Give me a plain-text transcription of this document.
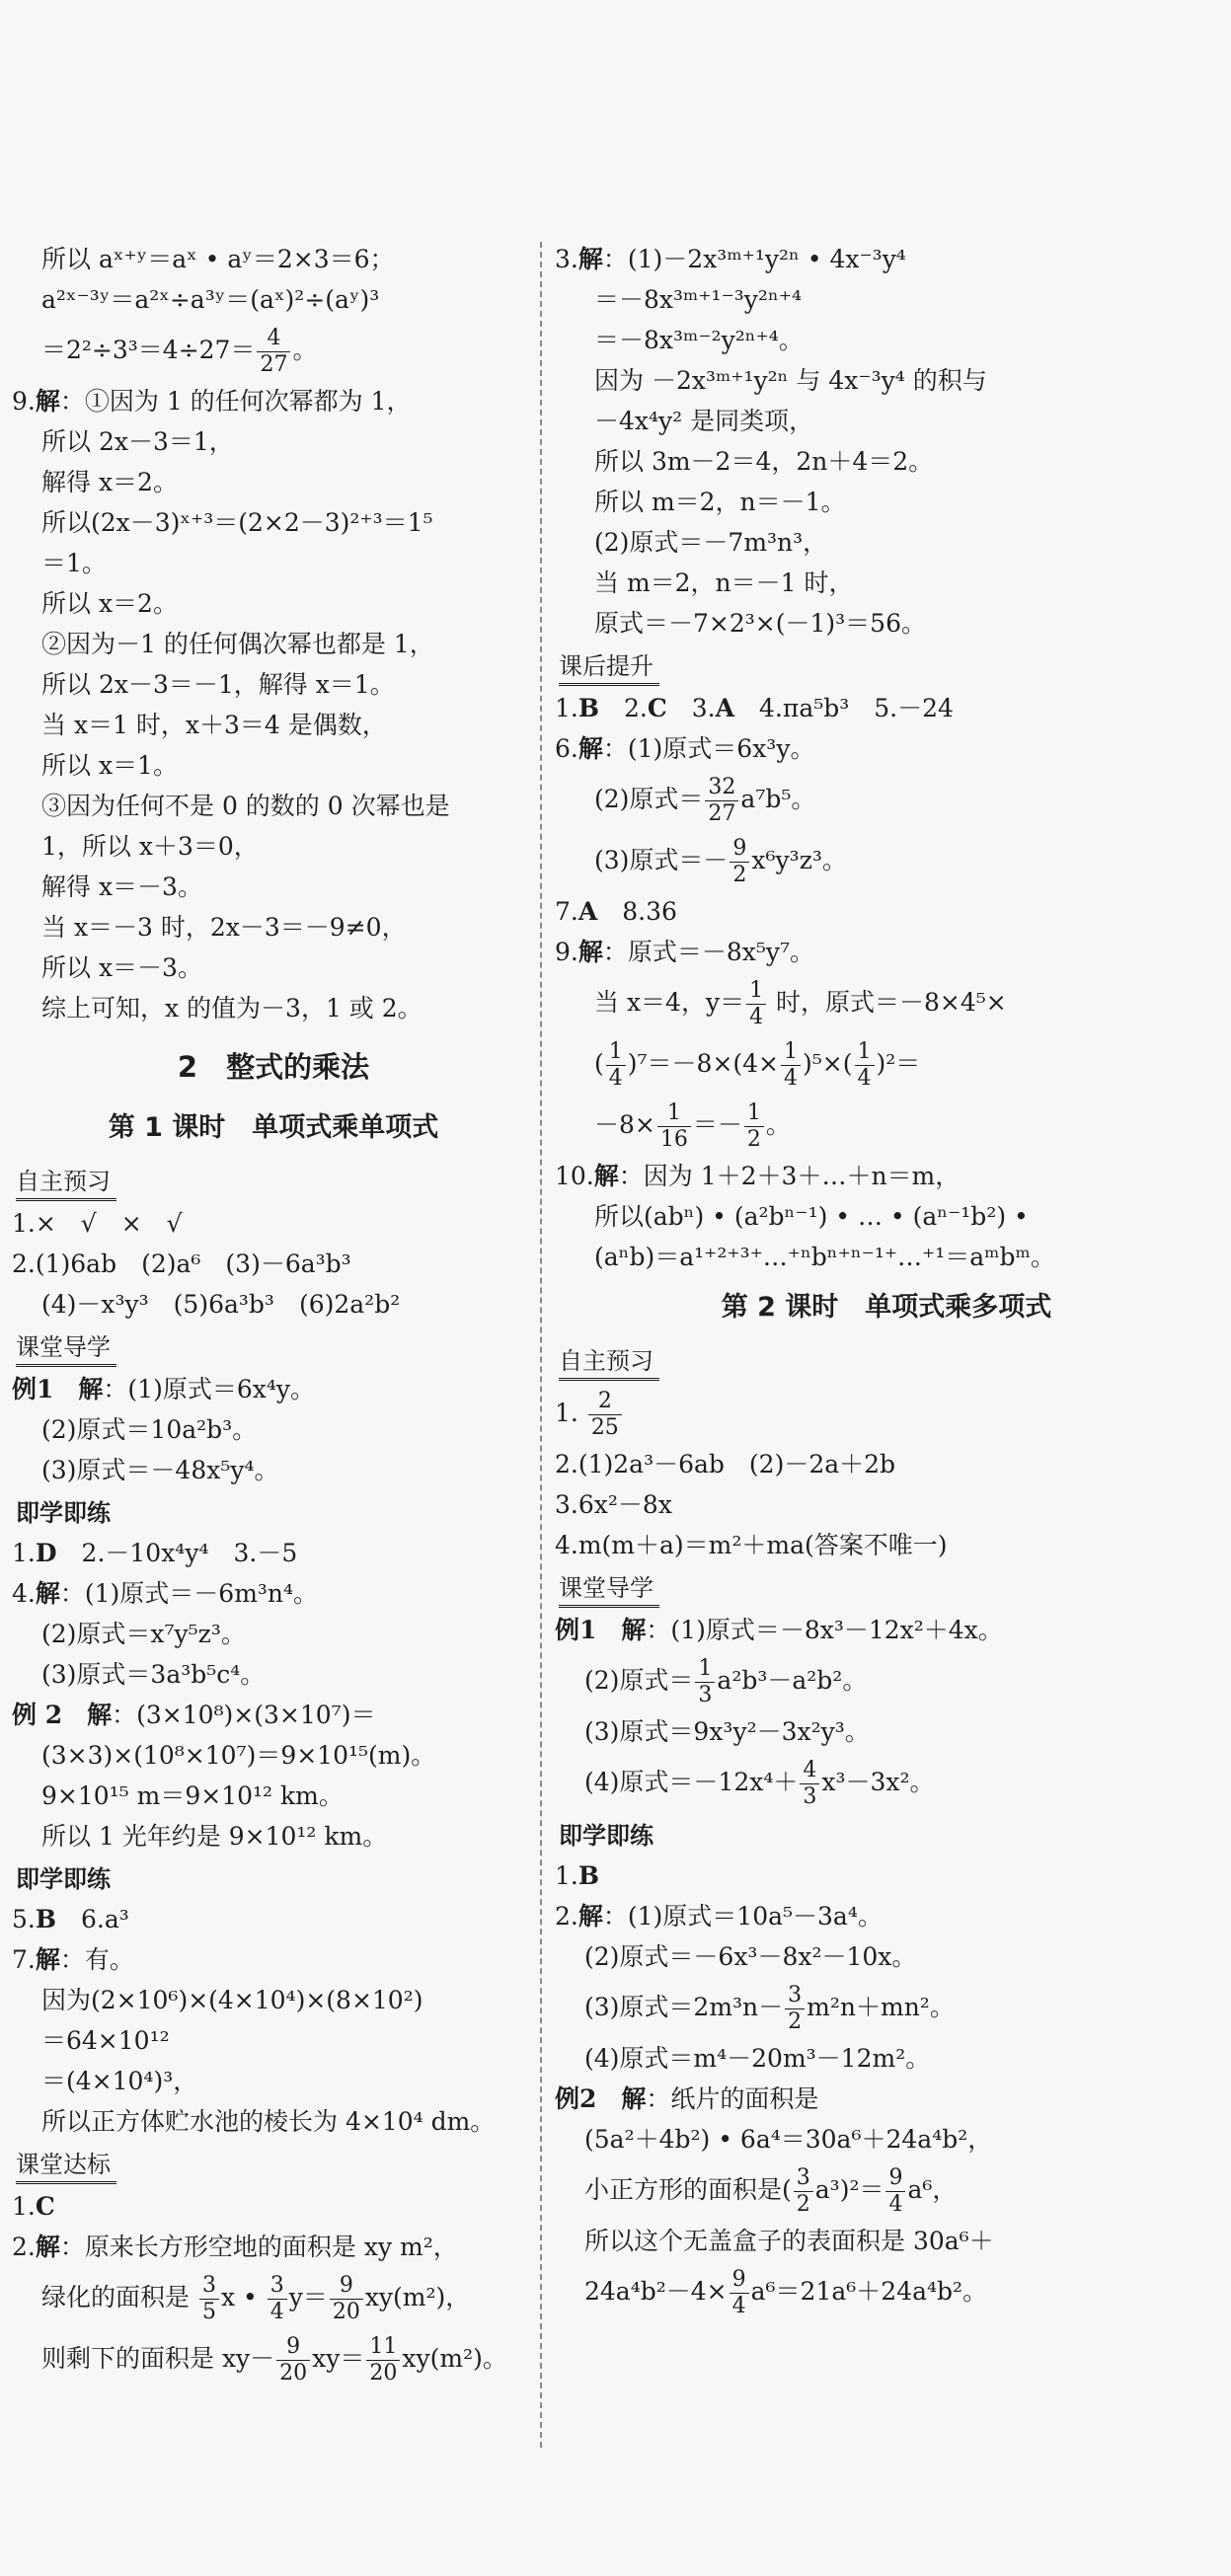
所以 aˣ⁺ʸ＝aˣ • aʸ＝2×3＝6；
a²ˣ⁻³ʸ＝a²ˣ÷a³ʸ＝(aˣ)²÷(aʸ)³
$=2^2\div 3^3=4\div 27= \frac{4}{27}$ 。
9.解：①因为 1 的任何次幂都为 1，
所以 2x－3＝1，
解得 x＝2。
所以(2x－3)ˣ⁺³＝(2×2－3)²⁺³＝1⁵
＝1。
所以 x＝2。
②因为－1 的任何偶次幂也都是 1，
所以 2x－3＝－1，解得 x＝1。
当 x＝1 时，x＋3＝4 是偶数，
所以 x＝1。
③因为任何不是 0 的数的 0 次幂也是
1，所以 x＋3＝0，
解得 x＝－3。
当 x＝－3 时，2x－3＝－9≠0，
所以 x＝－3。
综上可知，x 的值为－3，1 或 2。
2　整式的乘法
第 1 课时　单项式乘单项式
自主预习
1.×　√　×　√
2.(1)6ab　(2)a⁶　(3)－6a³b³
(4)－x³y³　(5)6a³b³　(6)2a²b²
课堂导学
例1　解：(1)原式＝6x⁴y。
(2)原式＝10a²b³。
(3)原式＝－48x⁵y⁴。
即学即练
1.D　2.－10x⁴y⁴　3.－5
4.解：(1)原式＝－6m³n⁴。
(2)原式＝x⁷y⁵z³。
(3)原式＝3a³b⁵c⁴。
例 2　解：(3×10⁸)×(3×10⁷)＝
(3×3)×(10⁸×10⁷)＝9×10¹⁵(m)。
9×10¹⁵ m＝9×10¹² km。
所以 1 光年约是 9×10¹² km。
即学即练
5.B　6.a³
7.解：有。
因为(2×10⁶)×(4×10⁴)×(8×10²)
＝64×10¹²
＝(4×10⁴)³，
所以正方体贮水池的棱长为 4×10⁴ dm。
课堂达标
1.C
2.解：原来长方形空地的面积是 xy m²，
绿化的面积是 $\frac{3}{5}$ x • $\frac{3}{4} y= \frac{9}{20} xy(m^2)$，
则剩下的面积是 $xy- \frac{9}{20} xy= \frac{11}{20} xy(m^2)$。
3.解：(1)－2x³ᵐ⁺¹y²ⁿ • 4x⁻³y⁴
＝－8x³ᵐ⁺¹⁻³y²ⁿ⁺⁴
＝－8x³ᵐ⁻²y²ⁿ⁺⁴。
因为 －2x³ᵐ⁺¹y²ⁿ 与 4x⁻³y⁴ 的积与
－4x⁴y² 是同类项，
所以 3m－2＝4，2n＋4＝2。
所以 m＝2，n＝－1。
(2)原式＝－7m³n³，
当 m＝2，n＝－1 时，
原式＝－7×2³×(－1)³＝56。
课后提升
1.B　2.C　3.A　4.πa⁵b³　5.－24
6.解：(1)原式＝6x³y。
(2)原式＝ $\frac{32}{27} a^7b^5$。
(3)原式＝－ $\frac{9}{2} x^6y^3z^3$。
7.A　8.36
9.解：原式＝－8x⁵y⁷。
当 x＝4，$y= \frac{1}{4}$ 时，原式＝－8×4⁵×
( $\frac{1}{4} )^7=-8\times(4\times \frac{1}{4} )^5\times( \frac{1}{4} )^2=$
$-8\times \frac{1}{16} =- \frac{1}{2}$ 。
10.解：因为 1＋2＋3＋…＋n＝m，
所以(abⁿ) • (a²bⁿ⁻¹) • … • (aⁿ⁻¹b²) •
(aⁿb)＝a¹⁺²⁺³⁺…⁺ⁿbⁿ⁺ⁿ⁻¹⁺…⁺¹＝aᵐbᵐ。
第 2 课时　单项式乘多项式
自主预习
1. $\frac{2}{25}$
2.(1)2a³－6ab　(2)－2a＋2b
3.6x²－8x
4.m(m＋a)＝m²＋ma(答案不唯一)
课堂导学
例1　解：(1)原式＝－8x³－12x²＋4x。
(2)原式＝ $\frac{1}{3} a^2b^3-a^2b^2$。
(3)原式＝9x³y²－3x²y³。
(4)原式$=-12x^4+ \frac{4}{3} x^3-3x^2$。
即学即练
1.B
2.解：(1)原式＝10a⁵－3a⁴。
(2)原式＝－6x³－8x²－10x。
(3)原式$=2m^3n- \frac{3}{2} m^2n+mn^2$。
(4)原式＝m⁴－20m³－12m²。
例2　解：纸片的面积是
(5a²＋4b²) • 6a⁴＝30a⁶＋24a⁴b²，
小正方形的面积是( $\frac{3}{2} a^3)^2= \frac{9}{4} a^6$，
所以这个无盖盒子的表面积是 30a⁶＋
$24a^4b^2-4\times \frac{9}{4} a^6=21a^6+24a^4b^2$。
